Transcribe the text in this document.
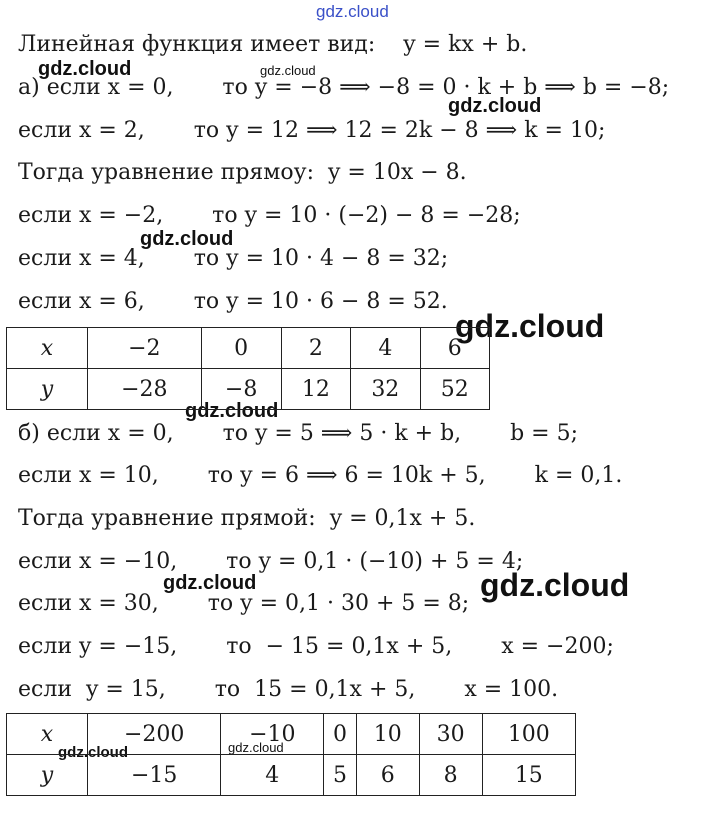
gdz.cloud
gdz.cloud	gdz.cloud
gdz.cloud
gdz.cloud
gdz.cloud
gdz.cloud
gdz.cloud	gdz.cloud
gdz.cloud	gdz.cloud
Линейная функция имеет вид:    y = kx + b.
а) если x = 0,       то y = −8 ⟹ −8 = 0 · k + b ⟹ b = −8;
если x = 2,       то y = 12 ⟹ 12 = 2k − 8 ⟹ k = 10;
Тогда уравнение прямоу:  y = 10x − 8.
если x = −2,       то y = 10 · (−2) − 8 = −28;
если x = 4,       то y = 10 · 4 − 8 = 32;
если x = 6,       то y = 10 · 6 − 8 = 52.
x	−2	0	2	4	6
y	−28	−8	12	32	52
б) если x = 0,       то y = 5 ⟹ 5 · k + b,       b = 5;
если x = 10,       то y = 6 ⟹ 6 = 10k + 5,       k = 0,1.
Тогда уравнение прямой:  y = 0,1x + 5.
если x = −10,       то y = 0,1 · (−10) + 5 = 4;
если x = 30,       то y = 0,1 · 30 + 5 = 8;
если y = −15,       то  − 15 = 0,1x + 5,       x = −200;
если  y = 15,       то  15 = 0,1x + 5,       x = 100.
x	−200	−10	0	10	30	100
y	−15	4	5	6	8	15
